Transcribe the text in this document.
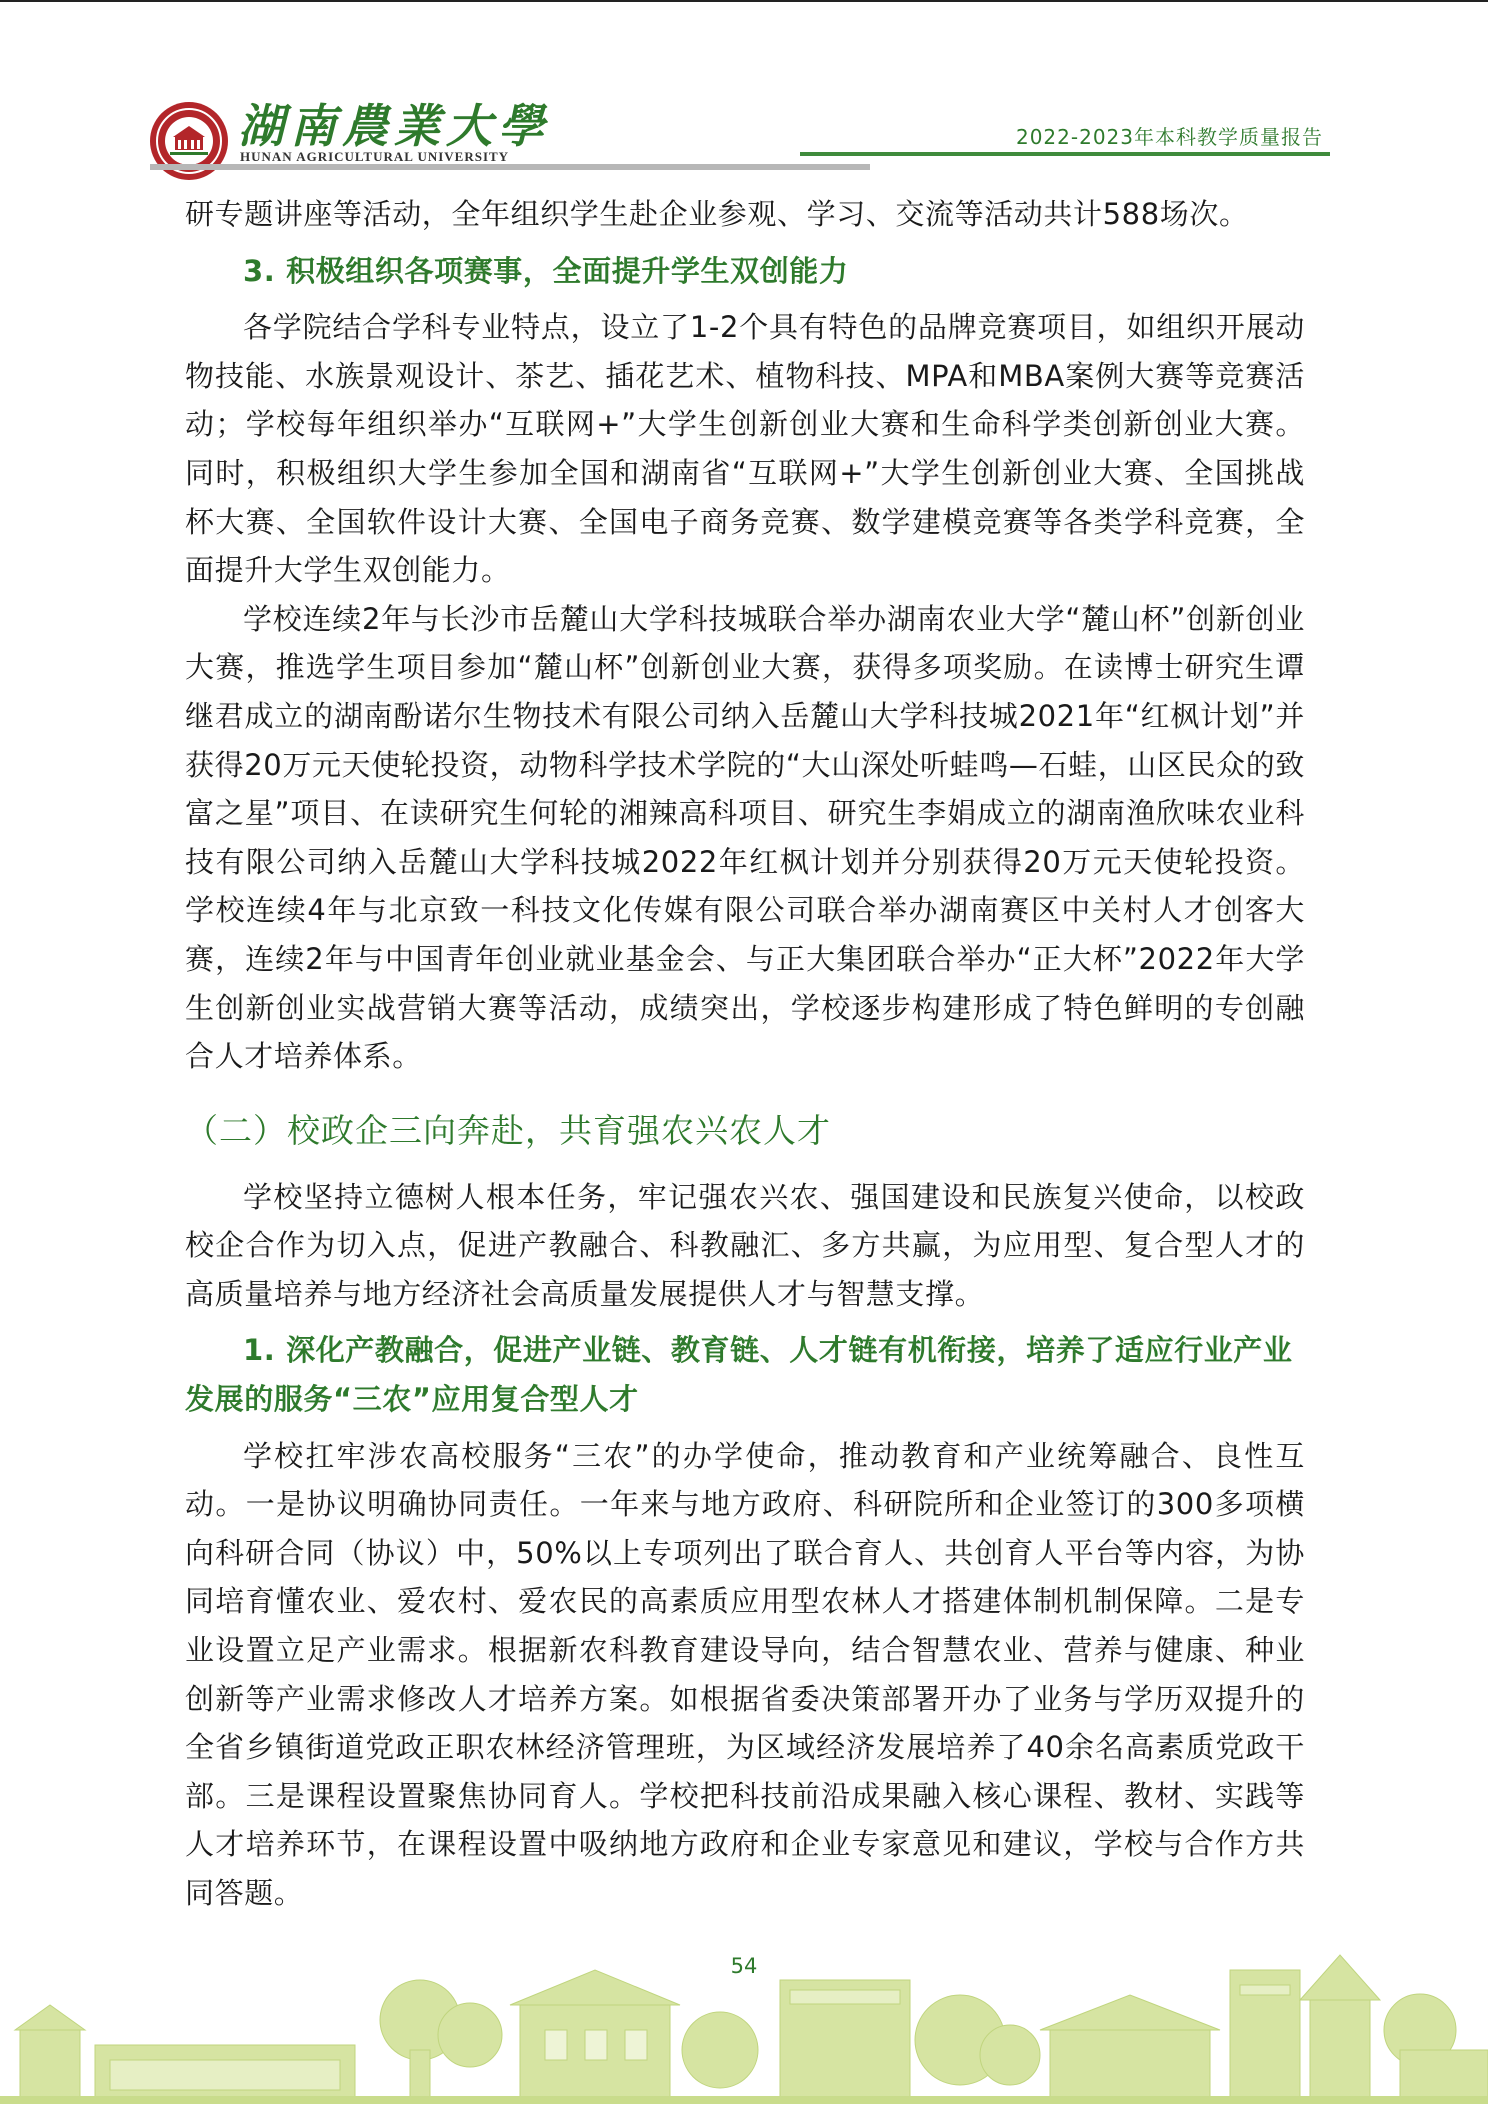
湖南農業大學
HUNAN AGRICULTURAL UNIVERSITY
2022-2023年本科教学质量报告

研专题讲座等活动，全年组织学生赴企业参观、学习、交流等活动共计588场次。

3. 积极组织各项赛事，全面提升学生双创能力

各学院结合学科专业特点，设立了1-2个具有特色的品牌竞赛项目，如组织开展动物技能、水族景观设计、茶艺、插花艺术、植物科技、MPA和MBA案例大赛等竞赛活动；学校每年组织举办“互联网+”大学生创新创业大赛和生命科学类创新创业大赛。同时，积极组织大学生参加全国和湖南省“互联网+”大学生创新创业大赛、全国挑战杯大赛、全国软件设计大赛、全国电子商务竞赛、数学建模竞赛等各类学科竞赛，全面提升大学生双创能力。

学校连续2年与长沙市岳麓山大学科技城联合举办湖南农业大学“麓山杯”创新创业大赛，推选学生项目参加“麓山杯”创新创业大赛，获得多项奖励。在读博士研究生谭继君成立的湖南酚诺尔生物技术有限公司纳入岳麓山大学科技城2021年“红枫计划”并获得20万元天使轮投资，动物科学技术学院的“大山深处听蛙鸣—石蛙，山区民众的致富之星”项目、在读研究生何轮的湘辣高科项目、研究生李娟成立的湖南渔欣味农业科技有限公司纳入岳麓山大学科技城2022年红枫计划并分别获得20万元天使轮投资。学校连续4年与北京致一科技文化传媒有限公司联合举办湖南赛区中关村人才创客大赛，连续2年与中国青年创业就业基金会、与正大集团联合举办“正大杯”2022年大学生创新创业实战营销大赛等活动，成绩突出，学校逐步构建形成了特色鲜明的专创融合人才培养体系。

（二）校政企三向奔赴，共育强农兴农人才

学校坚持立德树人根本任务，牢记强农兴农、强国建设和民族复兴使命，以校政校企合作为切入点，促进产教融合、科教融汇、多方共赢，为应用型、复合型人才的高质量培养与地方经济社会高质量发展提供人才与智慧支撑。

1. 深化产教融合，促进产业链、教育链、人才链有机衔接，培养了适应行业产业发展的服务“三农”应用复合型人才

学校扛牢涉农高校服务“三农”的办学使命，推动教育和产业统筹融合、良性互动。一是协议明确协同责任。一年来与地方政府、科研院所和企业签订的300多项横向科研合同（协议）中，50%以上专项列出了联合育人、共创育人平台等内容，为协同培育懂农业、爱农村、爱农民的高素质应用型农林人才搭建体制机制保障。二是专业设置立足产业需求。根据新农科教育建设导向，结合智慧农业、营养与健康、种业创新等产业需求修改人才培养方案。如根据省委决策部署开办了业务与学历双提升的全省乡镇街道党政正职农林经济管理班，为区域经济发展培养了40余名高素质党政干部。三是课程设置聚焦协同育人。学校把科技前沿成果融入核心课程、教材、实践等人才培养环节，在课程设置中吸纳地方政府和企业专家意见和建议，学校与合作方共同答题。

54
